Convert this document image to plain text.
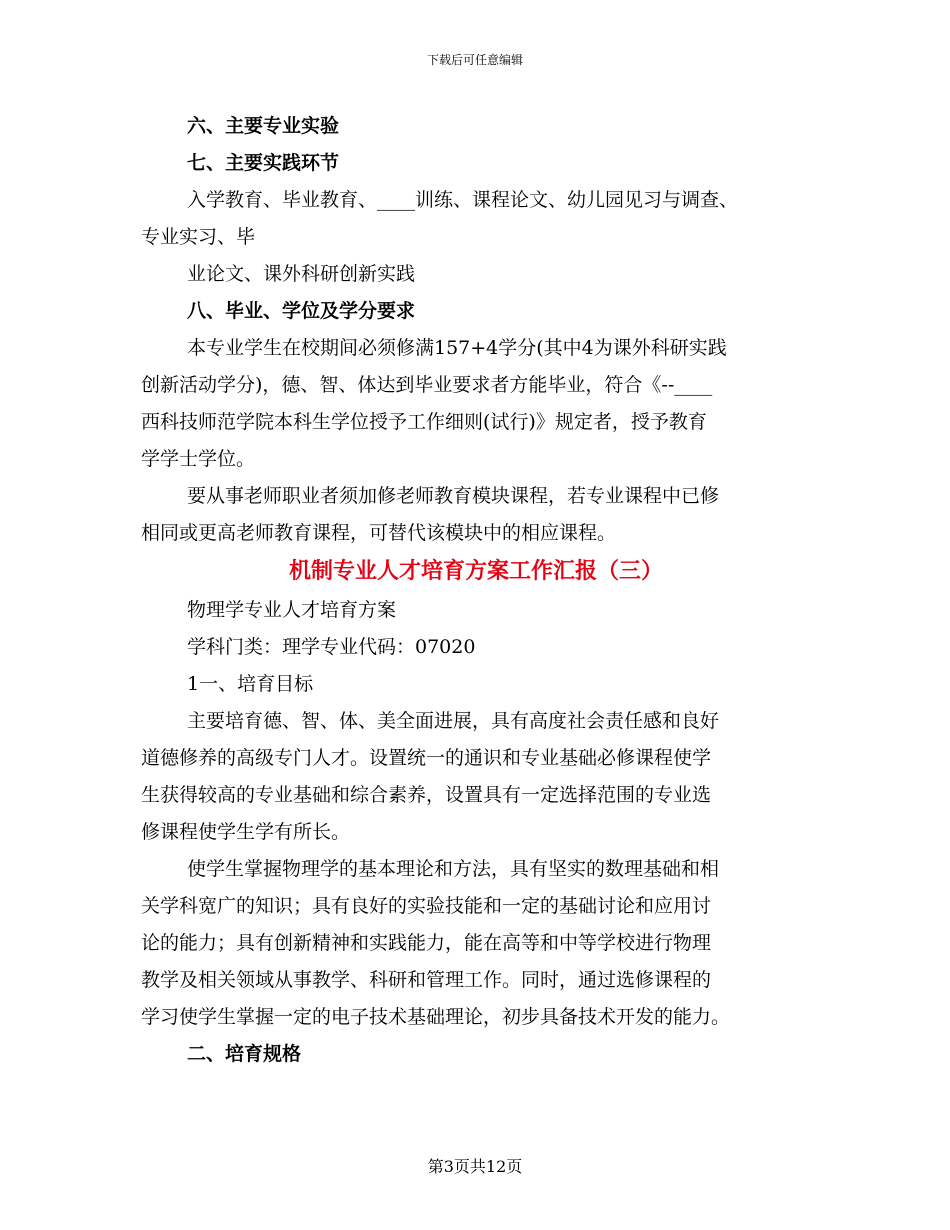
下载后可任意编辑

六、主要专业实验

七、主要实践环节

入学教育、毕业教育、____训练、课程论文、幼儿园见习与调查、

专业实习、毕

业论文、课外科研创新实践

八、毕业、学位及学分要求

本专业学生在校期间必须修满157+4学分(其中4为课外科研实践

创新活动学分)，德、智、体达到毕业要求者方能毕业，符合《--____

西科技师范学院本科生学位授予工作细则(试行)》规定者，授予教育

学学士学位。

要从事老师职业者须加修老师教育模块课程，若专业课程中已修

相同或更高老师教育课程，可替代该模块中的相应课程。

机制专业人才培育方案工作汇报（三）

物理学专业人才培育方案

学科门类：理学专业代码：07020

1一、培育目标

主要培育德、智、体、美全面进展，具有高度社会责任感和良好

道德修养的高级专门人才。设置统一的通识和专业基础必修课程使学

生获得较高的专业基础和综合素养，设置具有一定选择范围的专业选

修课程使学生学有所长。

使学生掌握物理学的基本理论和方法，具有坚实的数理基础和相

关学科宽广的知识；具有良好的实验技能和一定的基础讨论和应用讨

论的能力；具有创新精神和实践能力，能在高等和中等学校进行物理

教学及相关领域从事教学、科研和管理工作。同时，通过选修课程的

学习使学生掌握一定的电子技术基础理论，初步具备技术开发的能力。

二、培育规格

第3页共12页
